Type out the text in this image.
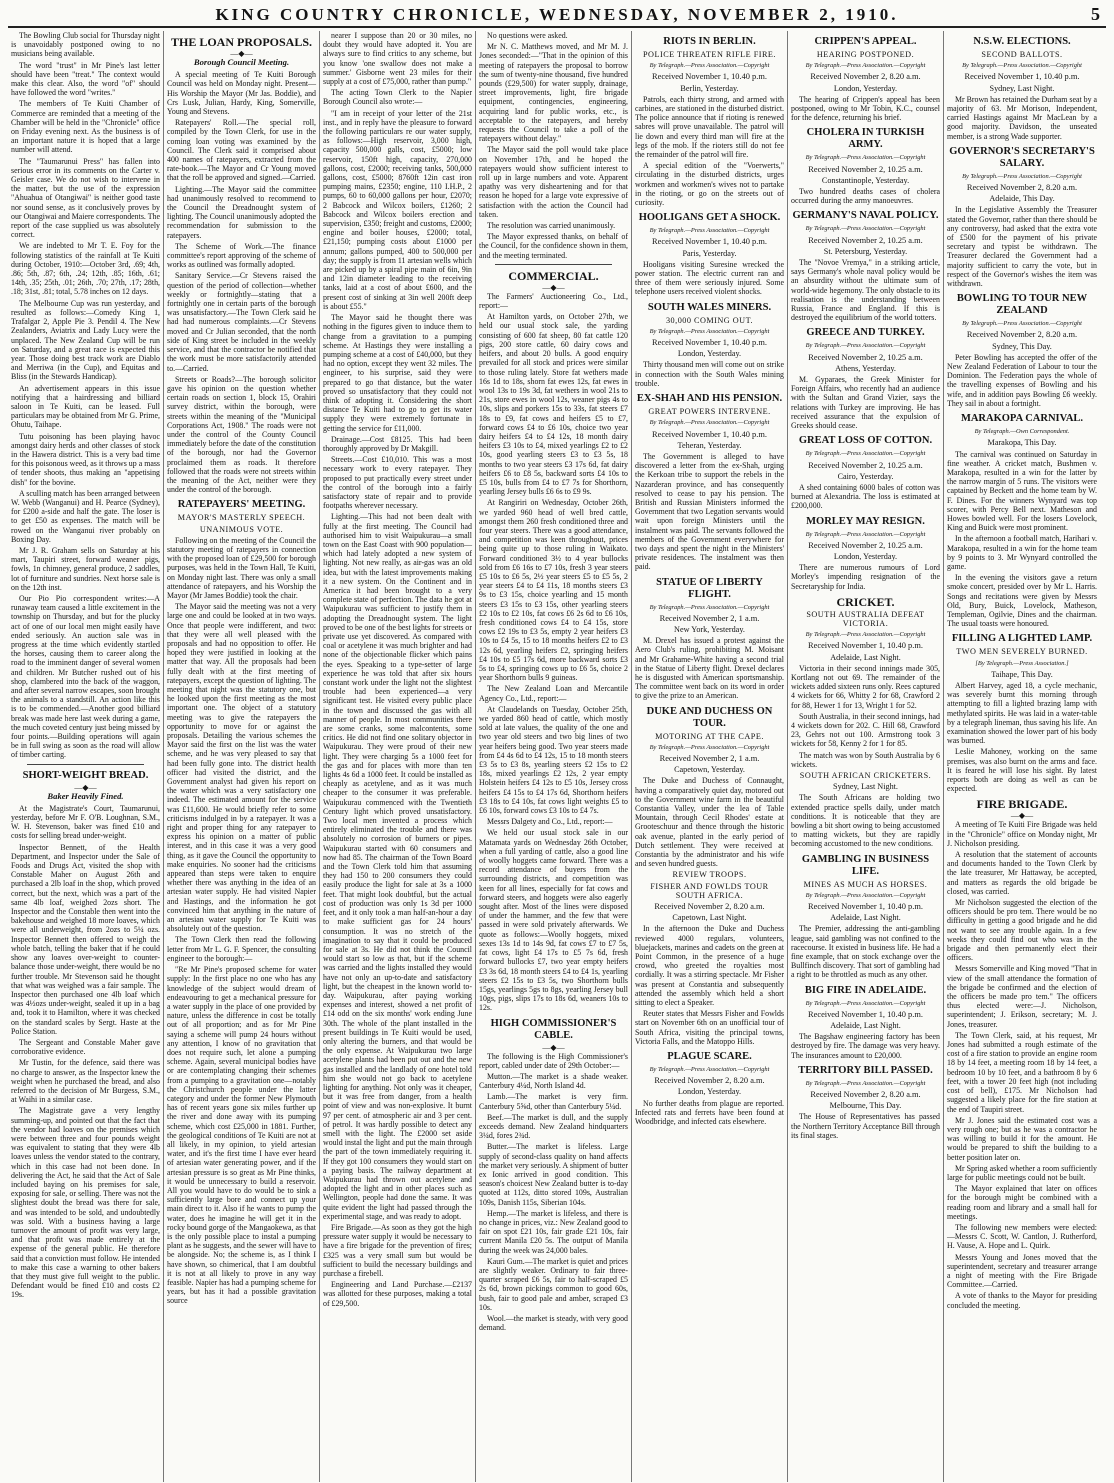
KING COUNTRY CHRONICLE, WEDNESDAY, NOVEMBER 2, 1910.	5

The Bowling Club social for Thursday night is unavoidably postponed owing to no musicians being available.

The word "trust" in Mr Pine's last letter should have been "treat." The context would make this clear. Also, the word "of" should have followed the word "writes."

The members of Te Kuiti Chamber of Commerce are reminded that a meeting of the Chamber will be held in the "Chronicle" office on Friday evening next. As the business is of an important nature it is hoped that a large number will attend.

The "Taumarunui Press" has fallen into serious error in its comments on the Carter v. Geisler case. We do not wish to intervene in the matter, but the use of the expression "Ahuahua of Otangiwai" is neither good taste nor sound sense, as it conclusively proves by our Otangiwai and Maiere correspondents. The report of the case supplied us was absolutely correct.

We are indebted to Mr T. E. Foy for the following statistics of the rainfall at Te Kuiti during October, 1910:—October 3rd, .69; 4th, .86; 5th, .87; 6th, .24; 12th, .85; 16th, .61; 14th, .35; 25th, .01; 26th, .70; 27th, .17; 28th, .18; 31st, .81; total, 5.78 inches on 12 days.

The Melbourne Cup was run yesterday, and resulted as follows:—Comedy King 1, Trafalgar 2, Apple Pie 3. Pendil 4. The New Zealanders, Aviatrix and Lady Lucy were the unplaced. The New Zealand Cup will be run on Saturday, and a great race is expected this year. Those doing best track work are Diablo and Merriwa (in the Cup), and Equitas and Bliss (in the Stewards Handicap).

An advertisement appears in this issue notifying that a hairdressing and billiard saloon in Te Kuiti, can be leased. Full particulars may be obtained from Mr G. Prime, Ohutu, Taihape.

Tutu poisoning has been playing havoc amongst dairy herds and other classes of stock in the Hawera district. This is a very bad time for this poisonous weed, as it throws up a mass of tender shoots, thus making an "appetising dish" for the bovine.

A sculling match has been arranged between W. Webb (Wanganui) and H. Pearce (Sydney), for £200 a-side and half the gate. The loser is to get £50 as expenses. The match will be rowed on the Wanganui river probably on Boxing Day.

Mr J. R. Graham sells on Saturday at his mart, Taupiri street, forward weaner pigs, fowls, 1n chimney, general produce, 2 saddles, lot of furniture and sundries. Next horse sale is on the 12th inst.

Our Pio Pio correspondent writes:—A runaway team caused a little excitement in the township on Thursday, and but for the plucky act of one of our local men might easily have ended seriously. An auction sale was in progress at the time which evidently startled the horses, causing them to career along the road to the imminent danger of several women and children. Mr Butcher rushed out of his shop, clambered into the back of the waggon, and after several narrow escapes, soon brought the animals to a standstill. An action like this is to be commended.—Another good billiard break was made here last week during a game, the much coveted century just being missed by four points.—Building operations will again be in full swing as soon as the road will allow of timber carting.

SHORT-WEIGHT BREAD.
—◆—
Baker Heavily Fined.

At the Magistrate's Court, Taumarunui, yesterday, before Mr F. O'B. Loughnan, S.M., W. H. Stevenson, baker was fined £10 and costs for selling bread under-weight.

Inspector Bennett, of the Health Department, and Inspector under the Sale of Foods and Drugs Act, visited the shop with Constable Maher on August 26th and purchased a 2lb loaf in the shop, which proved correct, but the next, which was a part of the same 4lb loaf, weighed 2ozs short. The Inspector and the Constable then went into the bakehouse and weighed 18 more loaves, which were all underweight, from 2ozs to 5¼ ozs. Inspector Bennett then offered to weigh the whole batch, telling the baker that if he could show any loaves over-weight to counter-balance those under-weight, there would be no further trouble. Mr Stevenson said he thought that what was weighed was a fair sample. The Inspector then purchased one 4lb loaf which was 4½ozs under-weight, sealed it up in a bag and, took it to Hamilton, where it was checked on the standard scales by Sergt. Haste at the Police Station.

The Sergeant and Constable Maher gave corroborative evidence.

Mr Tustin, for the defence, said there was no charge to answer, as the Inspector knew the weight when he purchased the bread, and also referred to the decision of Mr Burgess, S.M., at Waihi in a similar case.

The Magistrate gave a very lengthy summing-up, and pointed out that the fact that the vendor had loaves on the premises which were between three and four pounds weight was equivalent to stating that they were 4lb loaves unless the vendor stated to the contrary, which in this case had not been done. In delivering the Act, he said that the Act of Sale included baying on his premises for sale, exposing for sale, or selling. There was not the slightest doubt the bread was there for sale, and was intended to be sold, and undoubtedly was sold. With a business having a large turnover the amount of profit was very large, and that profit was made entirely at the expense of the general public. He therefore said that a conviction must follow. He intended to make this case a warning to other bakers that they must give full weight to the public. Defendant would be fined £10 and costs £2 19s.

THE LOAN PROPOSALS.
—◆—
Borough Council Meeting.

A special meeting of Te Kuiti Borough Council was held on Monday night. Present—His Worship the Mayor (Mr Jas. Boddie), and Crs Lusk, Julian, Hardy, King, Somerville, Young and Stevens.

Ratepayers' Roll.—The special roll, compiled by the Town Clerk, for use in the coming loan voting was examined by the Council. The Clerk said it comprised about 400 names of ratepayers, extracted from the rate-book.—The Mayor and Cr Young moved that the roll be approved and signed.—Carried.

Lighting.—The Mayor said the committee had unanimously resolved to recommend to the Council the Dreadnought system of lighting. The Council unanimously adopted the recommendation for submission to the ratepayers.

The Scheme of Work.—The finance committee's report approving of the scheme of works as outlined was formally adopted.

Sanitary Service.—Cr Stevens raised the question of the period of collection—whether weekly or fortnightly—stating that a fortnightly one in certain parts of the borough was unsatisfactory.—The Town Clerk said he had had numerous complaints.—Cr Stevens moved and Cr Julian seconded, that the north side of King street be included in the weekly service, and that the contractor be notified that the work must be more satisfactorily attended to.—Carried.

Streets or Roads?—The borough solicitor gave his opinion on the question whether certain roads on section 1, block 15, Orahiri survey district, within the borough, were streets within the meaning of the "Municipal Corporations Act, 1908." The roads were not under the control of the County Council immediately before the date of the constitution of the borough, nor had the Governor proclaimed them as roads. It therefore followed that the roads were not streets within the meaning of the Act, neither were they under the control of the borough.

RATEPAYERS' MEETING.
MAYOR'S MASTERLY SPEECH.
UNANIMOUS VOTE.

Following on the meeting of the Council the statutory meeting of ratepayers in connection with the proposed loan of £29,500 for borough purposes, was held in the Town Hall, Te Kuiti, on Monday night last. There was only a small attendance of ratepayers, and his Worship the Mayor (Mr James Boddie) took the chair.

The Mayor said the meeting was not a very large one and could be looked at in two ways. Once that people were indifferent, and two: that they were all well pleased with the proposals and had no opposition to offer. He hoped they were justified in looking at the matter that way. All the proposals had been fully dealt with at the first meeting of ratepayers, except the question of lighting. The meeting that night was the statutory one, but he looked upon the first meeting as the most important one. The object of a statutory meeting was to give the ratepayers the opportunity to move for or against the proposals. Detailing the various schemes the Mayor said the first on the list was the water scheme, and he was very pleased to say that had been fully gone into. The district health officer had visited the district, and the Government analyst had given his report on the water which was a very satisfactory one indeed. The estimated amount for the service was £11,600. He would briefly refer to some criticisms indulged in by a ratepayer. It was a right and proper thing for any ratepayer to express his opinion on a matter of public interest, and in this case it was a very good thing, as it gave the Council the opportunity to make enquiries. No sooner had the criticisms appeared than steps were taken to enquire whether there was anything in the idea of an artesian water supply. He had visited Napier and Hastings, and the information he got convinced him that anything in the nature of an artesian water supply for Te Kuiti was absolutely out of the question.

The Town Clerk then read the following letter from Mr L. G. F. Spencer, the consulting engineer to the borough:—

"Re Mr Pine's proposed scheme for water supply: In the first place no one who has any knowledge of the subject would dream of endeavouring to get a mechanical pressure for a water supply in the place of one provided by nature, unless the difference in cost be totally out of all proportion; and as for Mr Pine saying a scheme will pump 24 hours without any attention, I know of no gravitation that does not require such, let alone a pumping scheme. Again, several municipal bodies have or are contemplating changing their schemes from a pumping to a gravitation one—notably the Christchurch people under the latter category and under the former New Plymouth has of recent years gone six miles further up the river and done away with its pumping scheme, which cost £25,000 in 1881. Further, the geological conditions of Te Kuiti are not at all likely, in my opinion, to yield artesian water, and it's the first time I have ever heard of artesian water generating power, and if the artesian pressure is so great as Mr Pine thinks, it would be unnecessary to build a reservoir. All you would have to do would be to sink a sufficiently large bore and connect up your main direct to it. Also if he wants to pump the water, does he imagine he will get it in the rocky bound gorge of the Mangaokewa, as that is the only possible place to instal a pumping plant as he suggests, and the sewer will have to be alongside. No; the scheme is, as I think I have shown, so chimerical, that I am doubtful it is not at all likely to prove in any way feasible. Napier has had a pumping scheme for years, but has it had a possible gravitation source

nearer I suppose than 20 or 30 miles, no doubt they would have adopted it. You are always sure to find critics to any scheme, but you know 'one swallow does not make a summer.' Gisborne went 23 miles for their supply at a cost of £75,000, rather than pump."

The acting Town Clerk to the Napier Borough Council also wrote:—

"I am in receipt of your letter of the 21st inst., and in reply have the pleasure to forward the following particulars re our water supply, as follows:—High reservoir, 3,000 high, capacity 500,000 galls, cost, £5000; low reservoir, 150ft high, capacity, 270,000 gallons, cost, £2000; receiving tanks, 500,000 gallons, cost, £5000; 8760ft 12in cast iron pumping mains, £2350; engine, 110 I.H.P., 2 pumps, 60 to 60,000 gallons per hour, £2070; 2 Babcock and Wilcox boilers, £1260; 2 Babcock and Wilcox boilers erection and supervision, £350; freight and customs, £2000; engine and boiler houses, £2000; total, £21,150; pumping costs about £1000 per annum; gallons pumped, 400 to 500,000 per day; the supply is from 11 artesian wells which are picked up by a spiral pipe main of 6in, 9in and 12in diameter leading to the receiving tanks, laid at a cost of about £600, and the present cost of sinking at 3in well 200ft deep is about £55."

The Mayor said he thought there was nothing in the figures given to induce them to change from a gravitation to a pumping scheme. At Hastings they were installing a pumping scheme at a cost of £40,000, but they had no option, except they went 32 miles. The engineer, to his surprise, said they were prepared to go that distance, but the water proved so unsatisfactory that they could not think of adopting it. Considering the short distance Te Kuiti had to go to get its water supply they were extremely fortunate in getting the service for £11,000.

Drainage.—Cost £8125. This had been thoroughly approved by Dr Makgill.

Streets.—Cost £10,010. This was a most necessary work to every ratepayer. They proposed to put practically every street under the control of the borough into a fairly satisfactory state of repair and to provide footpaths wherever necessary.

Lighting.—This had not been dealt with fully at the first meeting. The Council had authorised him to visit Waipukurau—a small town on the East Coast with 900 population—which had lately adopted a new system of lighting. Not new really, as air-gas was an old idea, but with the latest improvements making it a new system. On the Continent and in America it had been brought to a very complete state of perfection. The data he got at Waipukurau was sufficient to justify them in adopting the Dreadnought system. The light proved to be one of the best lights for streets or private use yet discovered. As compared with coal or acetylene it was much brighter and had none of the objectionable flicker which pains the eyes. Speaking to a type-setter of large experience he was told that after six hours constant work under the light not the slightest trouble had been experienced—a very significant test. He visited every public place in the town and discussed the gas with all manner of people. In most communities there are some cranks, some malcontents, some critics. He did not find one solitary objector in Waipukurau. They were proud of their new light. They were charging 5s a 1000 feet for the gas and for places with more than ten lights 4s 6d a 1000 feet. It could be installed as cheaply as acetylene, and as it was much cheaper to the consumer it was preferable. Waipukurau commenced with the Twentieth Century light which proved unsatisfactory. Two local men invented a process which entirely eliminated the trouble and there was absolutely no corrosion of burners or pipes. Waipukurau started with 60 consumers and now had 85. The chairman of the Town Board and the Town Clerk told him that assuming they had 150 to 200 consumers they could easily produce the light for sale at 3s a 1000 feet. That might look doubtful, but the actual cost of production was only 1s 3d per 1000 feet, and it only took a man half-an-hour a day to make sufficient gas for 24 hours' consumption. It was no stretch of the imagination to say that it could be produced for sale at 3s. He did not think the Council would start so low as that, but if the scheme was carried and the lights installed they would have not only an up-to-date and satisfactory light, but the cheapest in the known world to-day. Waipukurau, after paying working expenses and interest, showed a net profit of £14 odd on the six months' work ending June 30th. The whole of the plant installed in the present buildings in Te Kuiti would be used, only altering the burners, and that would be the only expense. At Waipukurau two large acetylene plants had been put out and the new gas installed and the landlady of one hotel told him she would not go back to acetylene lighting for anything. Not only was it cheaper, but it was free from danger, from a health point of view and was non-explosive. It burnt 97 per cent. of atmospheric air and 3 per cent. of petrol. It was hardly possible to detect any smell with the light. The £2000 set aside would instal the light and put the main through the part of the town immediately requiring it. If they got 100 consumers they would start on a paying basis. The railway department at Waipukurau had thrown out acetylene and adopted the light and in other places such as Wellington, people had done the same. It was quite evident the light had passed through the experimental stage, and was ready to adopt.

Fire Brigade.—As soon as they got the high pressure water supply it would be necessary to have a fire brigade for the prevention of fires; £325 was a very small sum but would be sufficient to build the necessary buildings and purchase a firebell.

Engineering and Land Purchase.—£2137 was allotted for these purposes, making a total of £29,500.

No questions were asked.

Mr N. C. Matthews moved, and Mr M. J. Jones seconded:—"That in the opinion of this meeting of ratepayers the proposal to borrow the sum of twenty-nine thousand, five hundred pounds (£29,500) for water supply, drainage, street improvements, light, fire brigade equipment, contingencies, engineering, acquiring land for public works, etc., is acceptable to the ratepayers, and hereby requests the Council to take a poll of the ratepayers without delay."

The Mayor said the poll would take place on November 17th, and he hoped the ratepayers would show sufficient interest to roll up in large numbers and vote. Apparent apathy was very disheartening and for that reason he hoped for a large vote expressive of satisfaction with the action the Council had taken.

The resolution was carried unanimously.

The Mayor expressed thanks, on behalf of the Council, for the confidence shown in them, and the meeting terminated.

COMMERCIAL.
—◆—

The Farmers' Auctioneering Co., Ltd., report:—

At Hamilton yards, on October 27th, we held our usual stock sale, the yarding consisting of 600 fat sheep, 80 fat cattle 120 pigs, 200 store cattle, 60 dairy cows and heifers, and about 20 bulls. A good enquiry prevailed for all stock and prices were similar to those ruling lately. Store fat wethers made 16s 1d to 18s, shorn fat ewes 12s, fat ewes in wool 13s to 19s 3d, fat wethers in wool 21s to 21s, store ewes in wool 12s, weaner pigs 4s to 10s, slips and porkers 15s to 33s, fat steers £7 18s to £9, fat cows and heifers £5 to £7, forward cows £4 to £6 10s, choice two year dairy heifers £4 to £4 12s, 18 month dairy heifers £3 10s to £4, mixed yearlings £2 to £2 10s, good yearling steers £3 to £3 5s, 18 months to two year steers £3 17s 6d, fat dairy heifers £6 to £8 5s, backward sorts £4 10s to £5 10s, bulls from £4 to £7 7s for Shorthorn, yearling Jersey bulls £6 6s to £9 9s.

At Rangiriri on Wednesday, October 26th, we yarded 960 head of well bred cattle, amongst them 260 fresh conditioned three and four year steers. There was a good attendance, and competition was keen throughout, prices being quite up to those ruling in Waikato. Forward conditioned 3½ to 4 year bullocks sold from £6 16s to £7 10s, fresh 3 year steers £5 10s to £6 5s, 2½ year steers £5 to £5 5s, 2 year steers £4 to £4 11s, 18 months steers £3 9s to £3 15s, choice yearling and 15 month steers £3 15s to £3 15s, other yearling steers £2 10s to £2 10s, fat cows £6 2s 6d to £6 10s, fresh conditioned cows £4 to £4 15s, store cows £2 19s to £3 5s, empty 2 year heifers £3 10s to £4 5s, 15 to 18 months heifers £2 to £3 12s 6d, yearling heifers £2, springing heifers £4 10s to £5 17s 6d, more backward sorts £3 5s to £4, springing cows up to £6 5s, choice 2 year Shorthorn bulls 9 guineas.

The New Zealand Loan and Mercantile Agency Co., Ltd., report:—

At Claudelands on Tuesday, October 25th, we yarded 860 head of cattle, which mostly sold at late values, the quality of the one and two year old steers and two big lines of two year heifers being good. Two year steers made from £4 4s 6d to £4 12s, 15 to 18 month steers £3 5s to £3 8s, yearling steers £2 15s to £2 18s, mixed yearlings £2 12s, 2 year empty Holstein heifers £4 12s to £5 10s, Jersey cross heifers £4 15s to £4 17s 6d, Shorthorn heifers £3 18s to £4 10s, fat cows light weights £5 to £6 10s, forward cows £3 10s to £4 7s.

Messrs Dalgety and Co., Ltd., report:—

We held our usual stock sale in our Matamata yards on Wednesday 26th October, when a full yarding of cattle, also a good line of woolly hoggets came forward. There was a record attendance of buyers from the surrounding districts, and competition was keen for all lines, especially for fat cows and forward steers, and hoggets were also eagerly sought after. Most of the lines were disposed of under the hammer, and the few that were passed in were sold privately afterwards. We quote as follows:—Woolly hoggets, mixed sexes 13s 1d to 14s 9d, fat cows £7 to £7 5s, fat cows, light £4 17s to £5 7s 6d, fresh forward bullocks £7, two year empty heifers £3 3s 6d, 18 month steers £4 to £4 1s, yearling steers £2 15s to £3 5s, two Shorthorn bulls 15gs, yearlings 5gs to 8gs, yearling Jersey bull 10gs, pigs, slips 17s to 18s 6d, weaners 10s to 12s.

HIGH COMMISSIONER'S CABLE.
—◆—

The following is the High Commissioner's report, cabled under date of 29th October:—

Mutton.—The market is a shade weaker. Canterbury 4¼d, North Island 4d.

Lamb.—The market is very firm. Canterbury 5⅝d, other than Canterbury 5¼d.

Beef.—The market is dull, and the supply exceeds demand. New Zealand hindquarters 3¼d, fores 2¾d.

Butter.—The market is lifeless. Large supply of second-class quality on hand affects the market very seriously. A shipment of butter ex Ionic arrived in good condition. This season's choicest New Zealand butter is to-day quoted at 112s, ditto stored 109s, Australian 109s, Danish 115s, Siberian 104s.

Hemp.—The market is lifeless, and there is no change in prices, viz.: New Zealand good to fair on spot £21 10s, fair grade £21 10s, fair current Manila £20 5s. The output of Manila during the week was 24,000 bales.

Kauri Gum.—The market is quiet and prices are slightly weaker. Ordinary to fair three-quarter scraped £6 5s, fair to half-scraped £5 2s 6d, brown pickings common to good 60s, bush, fair to good pale and amber, scraped £3 10s.

Wool.—the market is steady, with very good demand.

RIOTS IN BERLIN.
POLICE THREATEN RIFLE FIRE.

By Telegraph.—Press Association.—Copyright

Received November 1, 10.40 p.m.

Berlin, Yesterday.

Patrols, each thirty strong, and armed with carbines, are stationed in the disturbed district. The police announce that if rioting is renewed sabres will prove unavailable. The patrol will lie down and every third man will fire at the legs of the mob. If the rioters still do not fee the remainder of the patrol will fire.

A special edition of the "Voerwerts," circulating in the disturbed districts, urges workmen and workmen's wives not to partake in the rioting, or go on the streets out of curiosity.

HOOLIGANS GET A SHOCK.

By Telegraph.—Press Association.—Copyright

Received November 1, 10.40 p.m.

Paris, Yesterday.

Hooligans visiting Suresine wrecked the power station. The electric current ran and three of them were seriously injured. Some telephone users received violent shocks.

SOUTH WALES MINERS.
30,000 COMING OUT.

By Telegraph.—Press Association.—Copyright

Received November 1, 10.40 p.m.

London, Yesterday.

Thirty thousand men will come out on strike in connection with the South Wales mining trouble.

EX-SHAH AND HIS PENSION.
GREAT POWERS INTERVENE.

By Telegraph.—Press Association.—Copyright

Received November 1, 10.40 p.m.

Teheran, Yesterday.

The Government is alleged to have discovered a letter from the ex-Shah, urging the Kerkoan tribe to support the rebels in the Nazarderan province, and has consequently resolved to cease to pay his pension. The British and Russian Ministers informed the Government that two Legation servants would wait upon foreign Ministers until the instalment was paid. The servants followed the members of the Government everywhere for two days and spent the night in the Ministers' private residences. The instalment was then paid.

STATUE OF LIBERTY FLIGHT.

By Telegraph.—Press Association.—Copyright

Received November 2, 1 a.m.

New York, Yesterday.

M. Drexel has issued a protest against the Aero Club's ruling, prohibiting M. Moisant and Mr Grahame-White having a second trial in the Statue of Liberty flight. Drexel declares he is disgusted with American sportsmanship. The committee went back on its word in order to give the prize to an American.

DUKE AND DUCHESS ON TOUR.
MOTORING AT THE CAPE.

By Telegraph.—Press Association.—Copyright

Received November 2, 1 a.m.

Capetown, Yesterday.

The Duke and Duchess of Connaught, having a comparatively quiet day, motored out to the Government wine farm in the beautiful Constantia Valley, under the lea of Table Mountain, through Cecil Rhodes' estate at Grooteschuur and thence through the historic oak avenue, planted in the early period of Dutch settlement. They were received at Constantia by the administrator and his wife and seven hundred guests.

REVIEW TROOPS.
FISHER AND FOWLDS TOUR SOUTH AFRICA.

Received November 2, 8.20 a.m.

Capetown, Last Night.

In the afternoon the Duke and Duchess reviewed 4000 regulars, volunteers, bluejackets, marines and cadets on the green at Point Common, in the presence of a huge crowd, who greeted the royalties most cordially. It was a stirring spectacle. Mr Fisher was present at Constantia and subsequently attended the assembly which held a short sitting to elect a Speaker.

Reuter states that Messrs Fisher and Fowlds start on November 6th on an unofficial tour of South Africa, visiting the principal towns, Victoria Falls, and the Matoppo Hills.

PLAGUE SCARE.

By Telegraph.—Press Association.—Copyright

Received November 2, 8.20 a.m.

London, Yesterday.

No further deaths from plague are reported. Infected rats and ferrets have been found at Woodbridge, and infected cats elsewhere.

CRIPPEN'S APPEAL.
HEARING POSTPONED.

By Telegraph.—Press Association.—Copyright

Received November 2, 8.20 a.m.

London, Yesterday.

The hearing of Crippen's appeal has been postponed, owing to Mr Tobin, K.C., counsel for the defence, returning his brief.

CHOLERA IN TURKISH ARMY.

By Telegraph.—Press Association.—Copyright

Received November 2, 10.25 a.m.

Constantinople, Yesterday.

Two hundred deaths cases of cholera occurred during the army manoeuvres.

GERMANY'S NAVAL POLICY.

By Telegraph.—Press Association.—Copyright

Received November 2, 10.25 a.m.

St. Petersburg, Yesterday.

The "Novoe Vremya," in a striking article, says Germany's whole naval policy would be an absurdity without the ultimate sum of world-wide hegemony. The only obstacle to its realisation is the understanding between Russia, France and England. If this is destroyed the equilibrium of the world totters.

GREECE AND TURKEY.

By Telegraph.—Press Association.—Copyright

Received November 2, 10.25 a.m.

Athens, Yesterday.

M. Gyparaes, the Greek Minister for Foreign Affairs, who recently had an audience with the Sultan and Grand Vizier, says the relations with Turkey are improving. He has received assurance that the expulsion of Greeks should cease.

GREAT LOSS OF COTTON.

By Telegraph.—Press Association.—Copyright

Received November 2, 10.25 a.m.

Cairo, Yesterday.

A shed containing 6000 bales of cotton was burned at Alexandria. The loss is estimated at £200,000.

MORLEY MAY RESIGN.

By Telegraph.—Press Association.—Copyright

Received November 2, 10.25 a.m.

London, Yesterday.

There are numerous rumours of Lord Morley's impending resignation of the Secretaryship for India.

CRICKET.
SOUTH AUSTRALIA DEFEAT VICTORIA.

By Telegraph.—Press Association.—Copyright

Received November 1, 10.40 p.m.

Adelaide, Last Night.

Victoria in their second innings made 305, Kortlang not out 69. The remainder of the wickets added sixteen runs only. Rees captured 4 wickets for 66, Whitty 2 for 68, Crawford 2 for 88, Hewer 1 for 13, Wright 1 for 52.

South Australia, in their second innings, had 4 wickets down for 202. C. Hill 68, Crawford 23, Gehrs not out 100. Armstrong took 3 wickets for 58, Kenny 2 for 1 for 85.

The match was won by South Australia by 6 wickets.

SOUTH AFRICAN CRICKETERS.

Sydney, Last Night.

The South Africans are holding two extended practice spells daily, under match conditions. It is noticeable that they are bowling a bit short owing to being accustomed to matting wickets, but they are rapidly becoming accustomed to the new conditions.

GAMBLING IN BUSINESS LIFE.
MINES AS MUCH AS HORSES.

By Telegraph.—Press Association.—Copyright

Received November 1, 10.40 p.m.

Adelaide, Last Night.

The Premier, addressing the anti-gambling league, said gambling was not confined to the racecourse. It existed in business life. He had a fine example, that on stock exchange over the Bullfinch discovery. That sort of gambling had a right to be throttled as much as any other.

BIG FIRE IN ADELAIDE.

By Telegraph.—Press Association.—Copyright

Received November 1, 10.40 p.m.

Adelaide, Last Night.

The Bagshaw engineering factory has been destroyed by fire. The damage was very heavy. The insurances amount to £20,000.

TERRITORY BILL PASSED.

By Telegraph.—Press Association.—Copyright

Received November 2, 8.20 a.m.

Melbourne, This Day.

The House of Representatives has passed the Northern Territory Acceptance Bill through its final stages.

N.S.W. ELECTIONS.
SECOND BALLOTS.

By Telegraph.—Press Association.—Copyright

Received November 1, 10.40 p.m.

Sydney, Last Night.

Mr Brown has retained the Durham seat by a majority of 63. Mr Morison, Independent, carried Hastings against Mr MacLean by a good majority. Davidson, the unseated member, is a strong Wade supporter.

GOVERNOR'S SECRETARY'S SALARY.

By Telegraph.—Press Association.—Copyright

Received November 2, 8.20 a.m.

Adelaide, This Day.

In the Legislative Assembly the Treasurer stated the Governor, rather than there should be any controversy, had asked that the extra vote of £500 for the payment of his private secretary and typist be withdrawn. The Treasurer declared the Government had a majority sufficient to carry the vote, but in respect of the Governor's wishes the item was withdrawn.

BOWLING TO TOUR NEW ZEALAND

By Telegraph.—Press Association.—Copyright

Received November 2, 8.20 a.m.

Sydney, This Day.

Peter Bowling has accepted the offer of the New Zealand Federation of Labour to tour the Dominion. The Federation pays the whole of the travelling expenses of Bowling and his wife, and in addition pays Bowling £6 weekly. They sail in about a fortnight.

MARAKOPA CARNIVAL.

By Telegraph.—Own Correspondent.

Marakopa, This Day.

The carnival was continued on Saturday in fine weather. A cricket match, Bushmen v. Marakopa, resulted in a win for the latter by the narrow margin of 5 runs. The visitors were captained by Beckett and the home team by W. F. Dines. For the winners Wynyard was top scorer, with Percy Bell next. Matheson and Howes bowled well. For the losers Lovelock, King and Buick were most prominent.

In the afternoon a football match, Harihari v. Marakopa, resulted in a win for the home team by 9 points to 3. Mr Wynyard controlled the game.

In the evening the visitors gave a return smoke concert, presided over by Mr L. Harris. Songs and recitations were given by Messrs Old, Bury, Buick, Lovelock, Matheson, Templeman, Ogilvie, Dines and the chairman. The usual toasts were honoured.

FILLING A LIGHTED LAMP.
TWO MEN SEVERELY BURNED.

[By Telegraph.—Press Association.]

Taihape, This Day.

Albert Harvey, aged 18, a cycle mechanic, was severely burnt this morning through attempting to fill a lighted brazing lamp with methylated spirits. He was laid in a water-table by a telegraph lineman, thus saving his life. An examination showed the lower part of his body was burned.

Leslie Mahoney, working on the same premises, was also burnt on the arms and face. It is feared he will lose his sight. By latest reports both are doing as well as can be expected.

FIRE BRIGADE.
—◆—

A meeting of Te Kuiti Fire Brigade was held in the "Chronicle" office on Monday night, Mr J. Nicholson presiding.

A resolution that the statement of accounts and documents handed to the Town Clerk by the late treasurer, Mr Hattaway, be accepted, and matters as regards the old brigade be closed, was carried.

Mr Nicholson suggested the election of the officers should be pro tem. There would be no difficulty in getting a good brigade and he did not want to see any trouble again. In a few weeks they could find out who was in the brigade and then permanently elect their officers.

Messrs Somerville and King moved "That in view of the small attendance the formation of the brigade be confirmed and the election of the officers be made pro tem." The officers thus elected were:—J. Nicholson, superintendent; J. Erikson, secretary; M. J. Jones, treasurer.

The Town Clerk, said, at his request, Mr Jones had submitted a rough estimate of the cost of a fire station to provide an engine room 18 by 14 feet, a meeting room 18 by 14 feet, a bedroom 10 by 10 feet, and a bathroom 8 by 6 feet, with a tower 20 feet high (not including cost of bell), £175. Mr Nicholson had suggested a likely place for the fire station at the end of Taupiri street.

Mr J. Jones said the estimated cost was a very rough one; but as he was a contractor he was willing to build it for the amount. He would be prepared to shift the building to a better position later on.

Mr Spring asked whether a room sufficiently large for public meetings could not be built.

The Mayor explained that later on offices for the borough might be combined with a reading room and library and a small hall for meetings.

The following new members were elected:—Messrs C. Scott, W. Cantlon, J. Rutherford, H. Vause, A. Hope and L. Quirk.

Messrs Young and Jones moved that the superintendent, secretary and treasurer arrange a night of meeting with the Fire Brigade Committee.—Carried.

A vote of thanks to the Mayor for presiding concluded the meeting.
